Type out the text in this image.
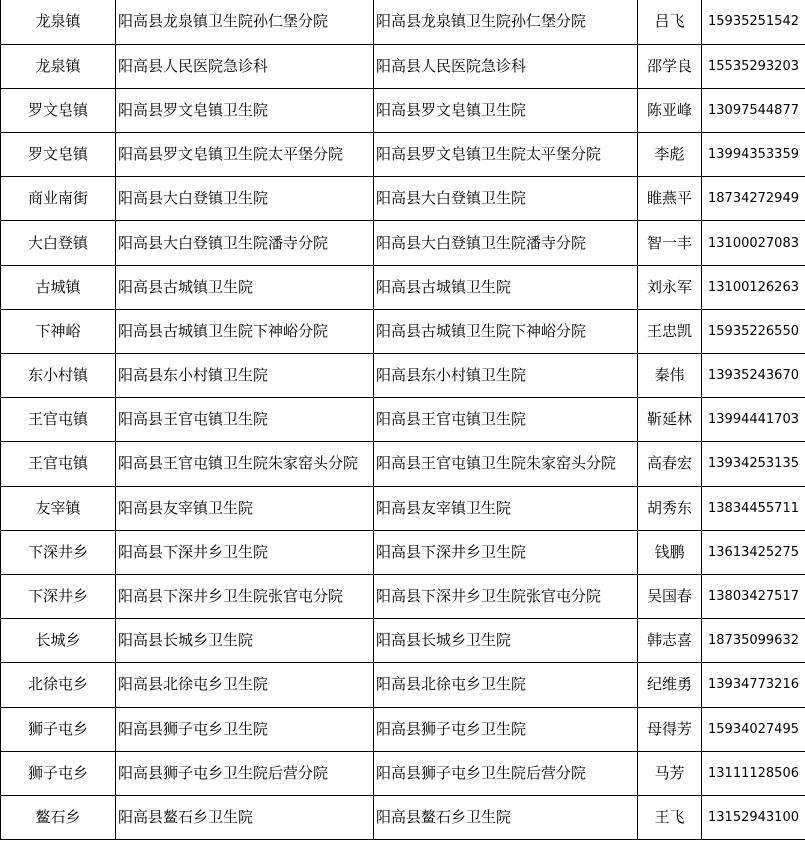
龙泉镇	阳高县龙泉镇卫生院孙仁堡分院	阳高县龙泉镇卫生院孙仁堡分院	吕飞	15935251542
龙泉镇	阳高县人民医院急诊科	阳高县人民医院急诊科	邵学良	15535293203
罗文皂镇	阳高县罗文皂镇卫生院	阳高县罗文皂镇卫生院	陈亚峰	13097544877
罗文皂镇	阳高县罗文皂镇卫生院太平堡分院	阳高县罗文皂镇卫生院太平堡分院	李彪	13994353359
商业南街	阳高县大白登镇卫生院	阳高县大白登镇卫生院	睢燕平	18734272949
大白登镇	阳高县大白登镇卫生院潘寺分院	阳高县大白登镇卫生院潘寺分院	智一丰	13100027083
古城镇	阳高县古城镇卫生院	阳高县古城镇卫生院	刘永军	13100126263
下神峪	阳高县古城镇卫生院下神峪分院	阳高县古城镇卫生院下神峪分院	王忠凯	15935226550
东小村镇	阳高县东小村镇卫生院	阳高县东小村镇卫生院	秦伟	13935243670
王官屯镇	阳高县王官屯镇卫生院	阳高县王官屯镇卫生院	靳延林	13994441703
王官屯镇	阳高县王官屯镇卫生院朱家窑头分院	阳高县王官屯镇卫生院朱家窑头分院	高春宏	13934253135
友宰镇	阳高县友宰镇卫生院	阳高县友宰镇卫生院	胡秀东	13834455711
下深井乡	阳高县下深井乡卫生院	阳高县下深井乡卫生院	钱鹏	13613425275
下深井乡	阳高县下深井乡卫生院张官屯分院	阳高县下深井乡卫生院张官屯分院	吴国春	13803427517
长城乡	阳高县长城乡卫生院	阳高县长城乡卫生院	韩志喜	18735099632
北徐屯乡	阳高县北徐屯乡卫生院	阳高县北徐屯乡卫生院	纪维勇	13934773216
狮子屯乡	阳高县狮子屯乡卫生院	阳高县狮子屯乡卫生院	母得芳	15934027495
狮子屯乡	阳高县狮子屯乡卫生院后营分院	阳高县狮子屯乡卫生院后营分院	马芳	13111128506
鳌石乡	阳高县鳌石乡卫生院	阳高县鳌石乡卫生院	王飞	13152943100
